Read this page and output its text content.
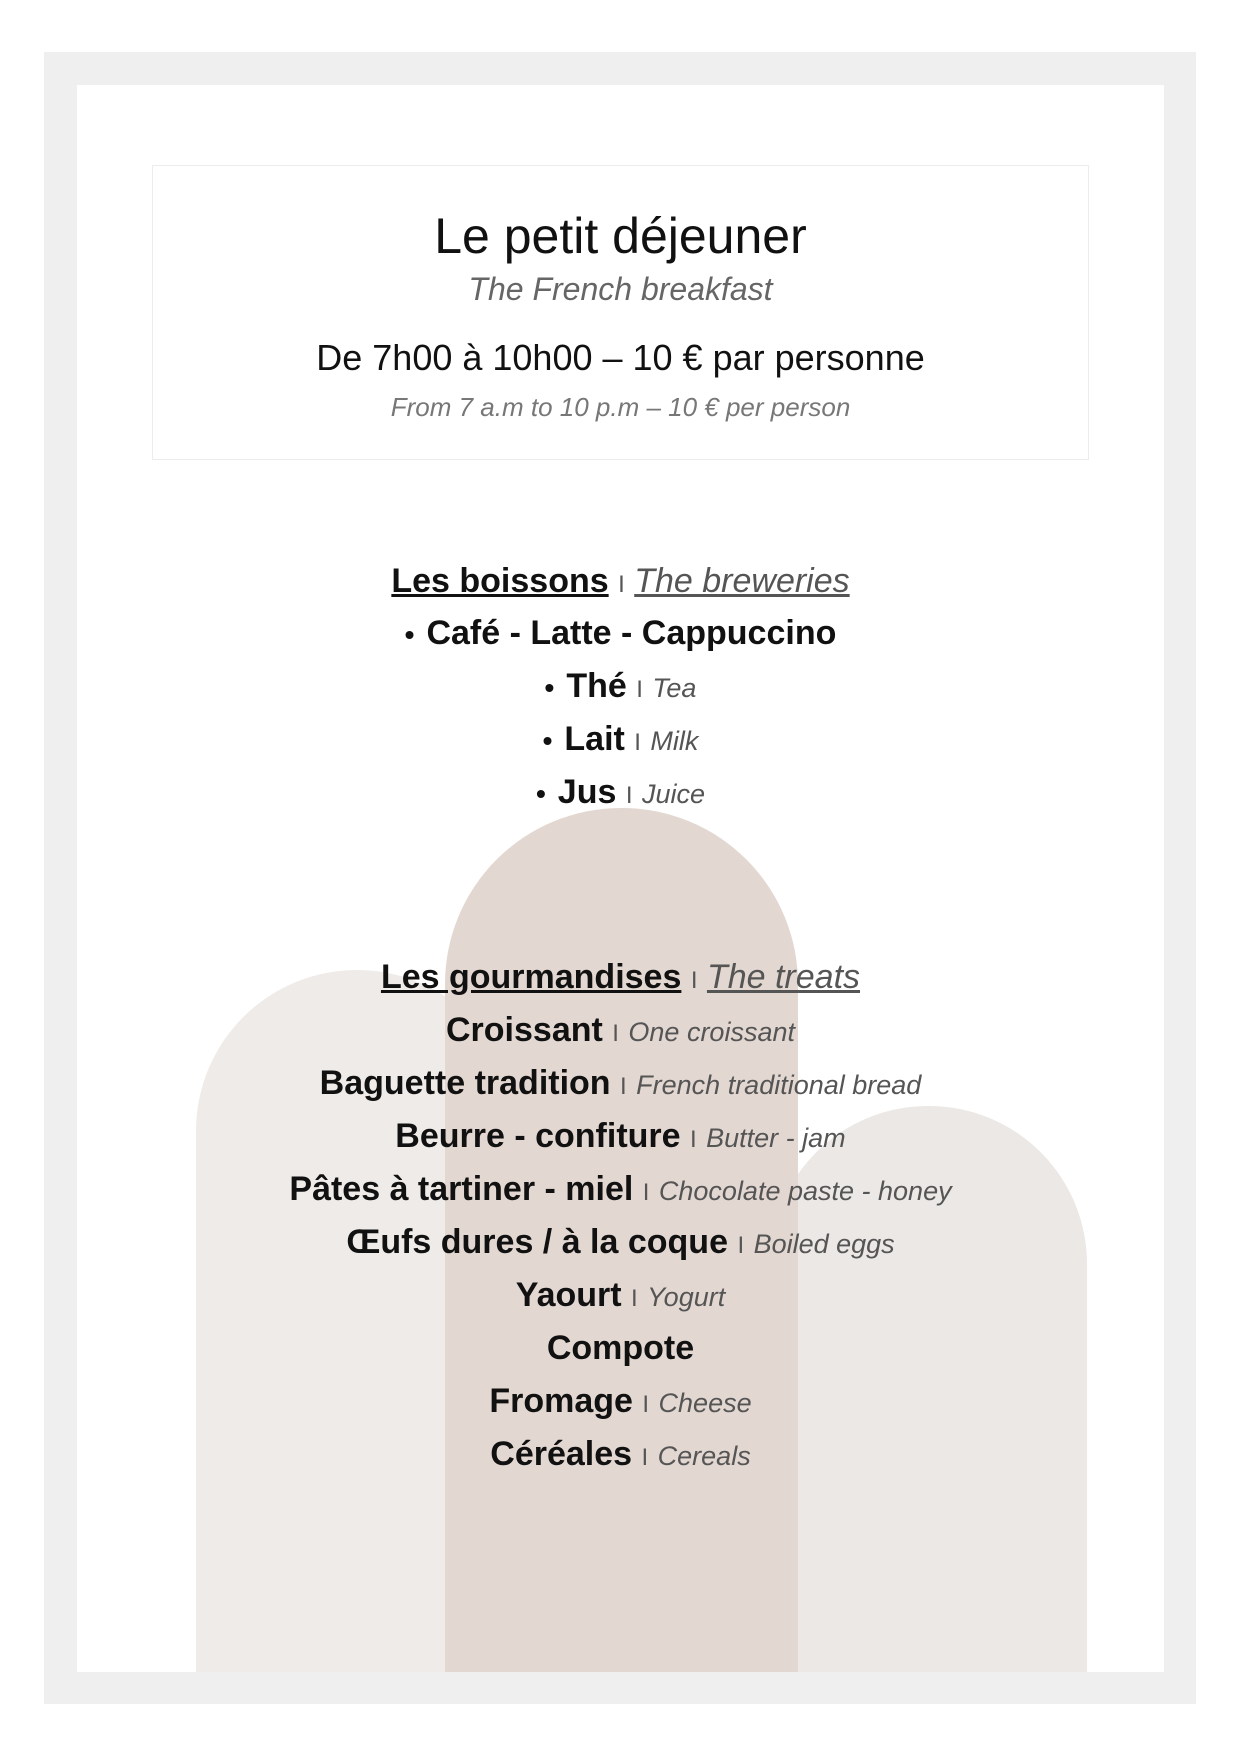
Le petit déjeuner
The French breakfast
De 7h00 à 10h00 – 10 € par personne
From 7 a.m to 10 p.m – 10 € per person
Les boissons I The breweries
• Café - Latte - Cappuccino
• Thé I Tea
• Lait I Milk
• Jus I Juice
Les gourmandises I The treats
Croissant I One croissant
Baguette tradition I French traditional bread
Beurre - confiture I Butter - jam
Pâtes à tartiner - miel I Chocolate paste - honey
Œufs dures / à la coque I Boiled eggs
Yaourt I Yogurt
Compote
Fromage I Cheese
Céréales I Cereals
